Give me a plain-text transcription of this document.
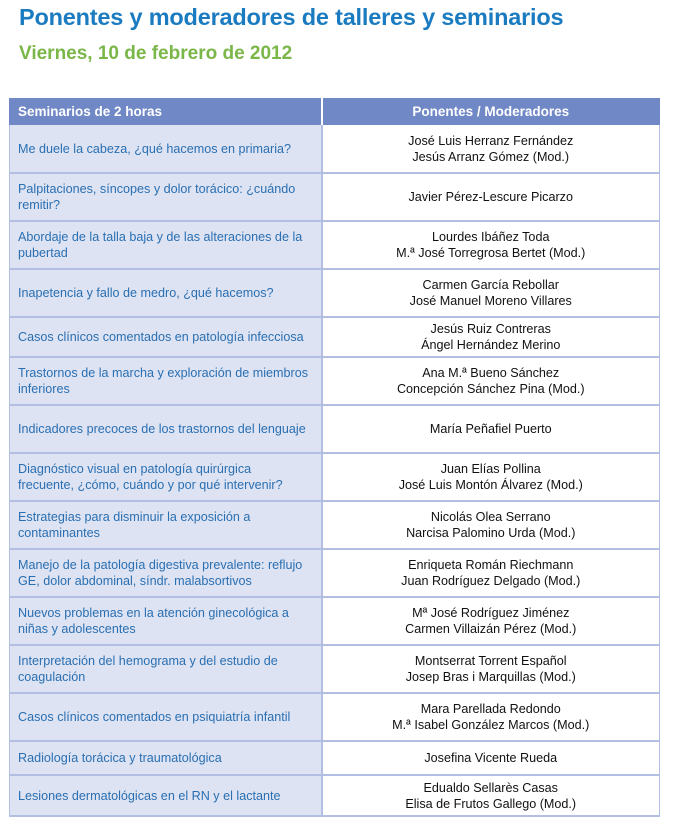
Ponentes y moderadores de talleres y seminarios
Viernes, 10 de febrero de 2012
Seminarios de 2 horas	Ponentes / Moderadores
Me duele la cabeza, ¿qué hacemos en primaria?	José Luis Herranz Fernández
Jesús Arranz Gómez (Mod.)

Palpitaciones, síncopes y dolor torácico: ¿cuándo remitir?	Javier Pérez-Lescure Picarzo

Abordaje de la talla baja y de las alteraciones de la pubertad	Lourdes Ibáñez Toda
M.ª José Torregrosa Bertet (Mod.)

Inapetencia y fallo de medro, ¿qué hacemos?	Carmen García Rebollar
José Manuel Moreno Villares

Casos clínicos comentados en patología infecciosa	Jesús Ruiz Contreras
Ángel Hernández Merino

Trastornos de la marcha y exploración de miembros inferiores	Ana M.ª Bueno Sánchez
Concepción Sánchez Pina (Mod.)

Indicadores precoces de los trastornos del lenguaje	María Peñafiel Puerto

Diagnóstico visual en patología quirúrgica frecuente, ¿cómo, cuándo y por qué intervenir?	Juan Elías Pollina
José Luis Montón Álvarez (Mod.)

Estrategias para disminuir la exposición a contaminantes	Nicolás Olea Serrano
Narcisa Palomino Urda (Mod.)

Manejo de la patología digestiva prevalente: reflujo GE, dolor abdominal, síndr. malabsortivos	Enriqueta Román Riechmann
Juan Rodríguez Delgado (Mod.)

Nuevos problemas en la atención ginecológica a niñas y adolescentes	Mª José Rodríguez Jiménez
Carmen Villaizán Pérez (Mod.)

Interpretación del hemograma y del estudio de coagulación	Montserrat Torrent Español
Josep Bras i Marquillas (Mod.)

Casos clínicos comentados en psiquiatría infantil	Mara Parellada Redondo
M.ª Isabel González Marcos (Mod.)

Radiología torácica y traumatológica	Josefina Vicente Rueda

Lesiones dermatológicas en el RN y el lactante	Edualdo Sellarès Casas
Elisa de Frutos Gallego (Mod.)
